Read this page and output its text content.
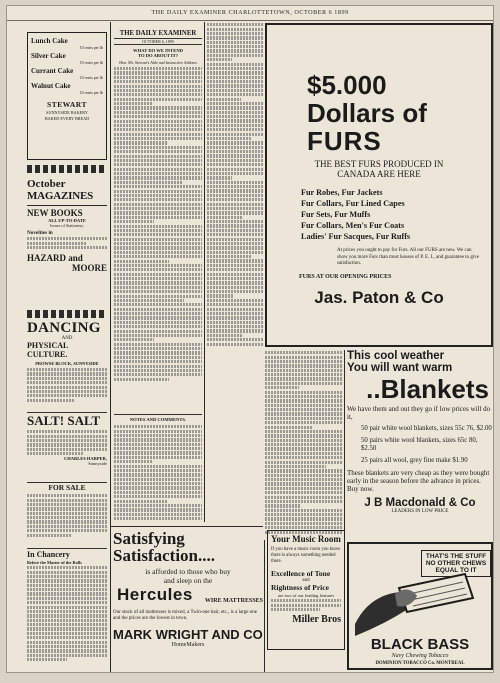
THE DAILY EXAMINER CHARLOTTETOWN, OCTOBER 6 1899
Lunch Cake
10 cents per lb
Silver Cake
10 cents per lb
Currant Cake
10 cents per lb
Walnut Cake
10 cents per lb
STEWART
SUNNYSIDE BAKERY
BAKED EVERY BREAD
October
MAGAZINES
NEW BOOKS
ALL UP-TO-DATE
Issues of Stationery,
Novelties in
HAZARD and
MOORE
DANCING
AND
PHYSICAL CULTURE.
PROWSE BLOCK, SUNNYSIDE
SALT! SALT
CHARLES HARPER,
Sunnyside
FOR SALE
In Chancery
Before the Master of the Rolls
THE DAILY EXAMINER
OCTOBER 6, 1899
WHAT DO WE INTEND
TO DO ABOUT IT?
Hon. Mr. Stewart's Able and Instructive Address
NOTES AND COMMENTS.
$5.000
Dollars of
FURS
THE BEST FURS PRODUCED IN
CANADA ARE HERE
Fur Robes, Fur Jackets
Fur Collars, Fur Lined Capes
Fur Sets, Fur Muffs
Fur Collars, Men's Fur Coats
Ladies' Fur Sacques, Fur Ruffs
At prices you ought to pay for Furs. All our FURS are new. We can show you more Furs than most houses of P. E. I., and guarantee to give satisfaction.
FURS AT OUR OPENING PRICES
Jas. Paton & Co
This cool weather
You will want warm
..Blankets
We have them and out they go if low prices will do it,
50 pair white wool blankets, sizes 55c 76, $2.00
50 pairs white wool blankets, sizes 65c 80, $2.50
25 pairs all wool, grey fine make $1.90
These blankets are very cheap as they were bought early in the season before the advance in prices. Buy now.
J B Macdonald & Co
LEADERS IN LOW PRICE
Satisfying
Satisfaction....
is afforded to those who buy
and sleep on the
Hercules	WIRE MATTRESSES
Our stock of all mattresses is mixed, a Twin-one hair, etc., is a large one and the prices are the lowest in town.
MARK WRIGHT AND CO
HomeMakers
Your Music Room
If you have a music room you know there is always something needed there.
Excellence of Tone
and
Rightness of Price
are two of our leading features
Miller Bros
THAT'S THE STUFF
NO OTHER CHEWS
EQUAL TO IT
BLACK BASS
Navy Chewing Tobacco
DOMINION TOBACCO Co. MONTREAL
